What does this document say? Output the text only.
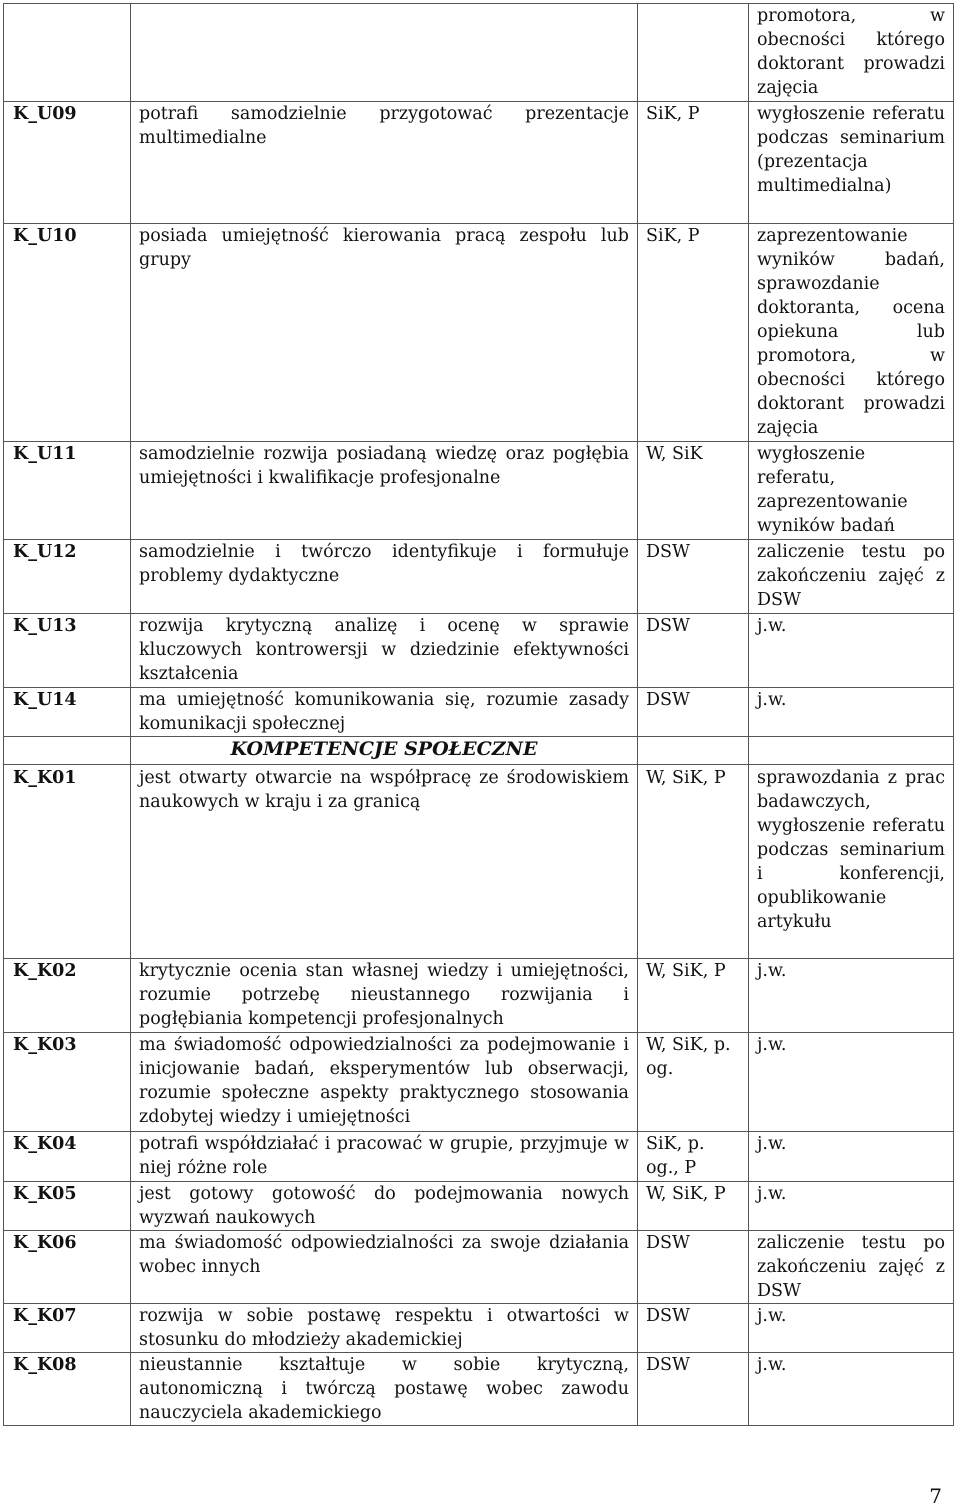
			promotora, w obecności którego doktorant prowadzi zajęcia
K_U09	potrafi samodzielnie przygotować prezentacje multimedialne	SiK, P	wygłoszenie referatu podczas seminarium (prezentacja multimedialna)
K_U10	posiada umiejętność kierowania pracą zespołu lub grupy	SiK, P	zaprezentowanie wyników badań, sprawozdanie doktoranta, ocena opiekuna lub promotora, w obecności którego doktorant prowadzi zajęcia
K_U11	samodzielnie rozwija posiadaną wiedzę oraz pogłębia umiejętności i kwalifikacje profesjonalne	W, SiK	wygłoszenie referatu, zaprezentowanie wyników badań
K_U12	samodzielnie i twórczo identyfikuje i formułuje problemy dydaktyczne	DSW	zaliczenie testu po zakończeniu zajęć z DSW
K_U13	rozwija krytyczną analizę i ocenę w sprawie kluczowych kontrowersji w dziedzinie efektywności kształcenia	DSW	j.w.
K_U14	ma umiejętność komunikowania się, rozumie zasady komunikacji społecznej	DSW	j.w.
	KOMPETENCJE SPOŁECZNE		
K_K01	jest otwarty otwarcie na współpracę ze środowiskiem naukowych w kraju i za granicą	W, SiK, P	sprawozdania z prac badawczych, wygłoszenie referatu podczas seminarium i konferencji, opublikowanie artykułu
K_K02	krytycznie ocenia stan własnej wiedzy i umiejętności, rozumie potrzebę nieustannego rozwijania i pogłębiania kompetencji profesjonalnych	W, SiK, P	j.w.
K_K03	ma świadomość odpowiedzialności za podejmowanie i inicjowanie badań, eksperymentów lub obserwacji, rozumie społeczne aspekty praktycznego stosowania zdobytej wiedzy i umiejętności	W, SiK, p. og.	j.w.
K_K04	potrafi współdziałać i pracować w grupie, przyjmuje w niej różne role	SiK, p. og., P	j.w.
K_K05	jest gotowy gotowość do podejmowania nowych wyzwań naukowych	W, SiK, P	j.w.
K_K06	ma świadomość odpowiedzialności za swoje działania wobec innych	DSW	zaliczenie testu po zakończeniu zajęć z DSW
K_K07	rozwija w sobie postawę respektu i otwartości w stosunku do młodzieży akademickiej	DSW	j.w.
K_K08	nieustannie kształtuje w sobie krytyczną, autonomiczną i twórczą postawę wobec zawodu nauczyciela akademickiego	DSW	j.w.
7
